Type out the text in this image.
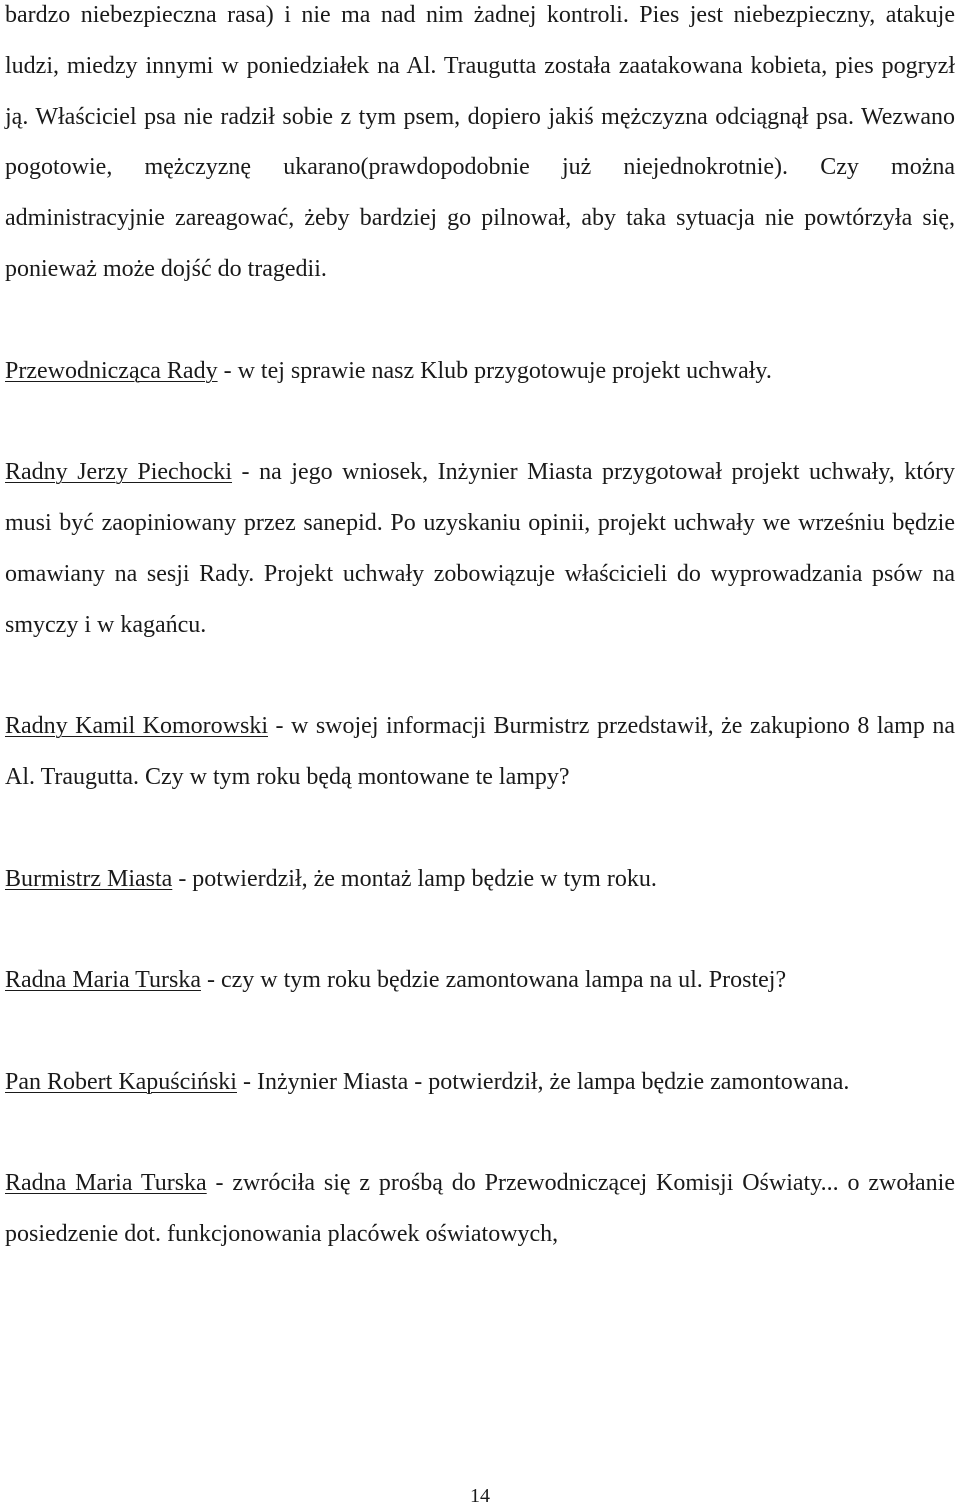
bardzo niebezpieczna rasa) i nie ma nad nim żadnej kontroli. Pies jest niebezpieczny, atakuje ludzi, miedzy innymi w poniedziałek na Al. Traugutta została zaatakowana kobieta, pies pogryzł ją. Właściciel psa nie radził sobie z tym psem, dopiero jakiś mężczyzna odciągnął psa. Wezwano pogotowie, mężczyznę ukarano(prawdopodobnie już niejednokrotnie). Czy można administracyjnie zareagować, żeby bardziej go pilnował, aby taka sytuacja nie powtórzyła się, ponieważ może dojść do tragedii.

Przewodnicząca Rady - w tej sprawie nasz Klub przygotowuje projekt uchwały.

Radny Jerzy Piechocki - na jego wniosek, Inżynier Miasta przygotował projekt uchwały, który musi być zaopiniowany przez sanepid. Po uzyskaniu opinii, projekt uchwały we wrześniu będzie omawiany na sesji Rady. Projekt uchwały zobowiązuje właścicieli do wyprowadzania psów na smyczy i w kagańcu.

Radny Kamil Komorowski - w swojej informacji Burmistrz przedstawił, że zakupiono 8 lamp na Al. Traugutta. Czy w tym roku będą montowane te lampy?

Burmistrz Miasta - potwierdził, że montaż lamp będzie w tym roku.

Radna Maria Turska - czy w tym roku będzie zamontowana lampa na ul. Prostej?

Pan Robert Kapuściński - Inżynier Miasta - potwierdził, że lampa będzie zamontowana.

Radna Maria Turska - zwróciła się z prośbą do Przewodniczącej Komisji Oświaty... o zwołanie posiedzenie dot. funkcjonowania placówek oświatowych,

14
